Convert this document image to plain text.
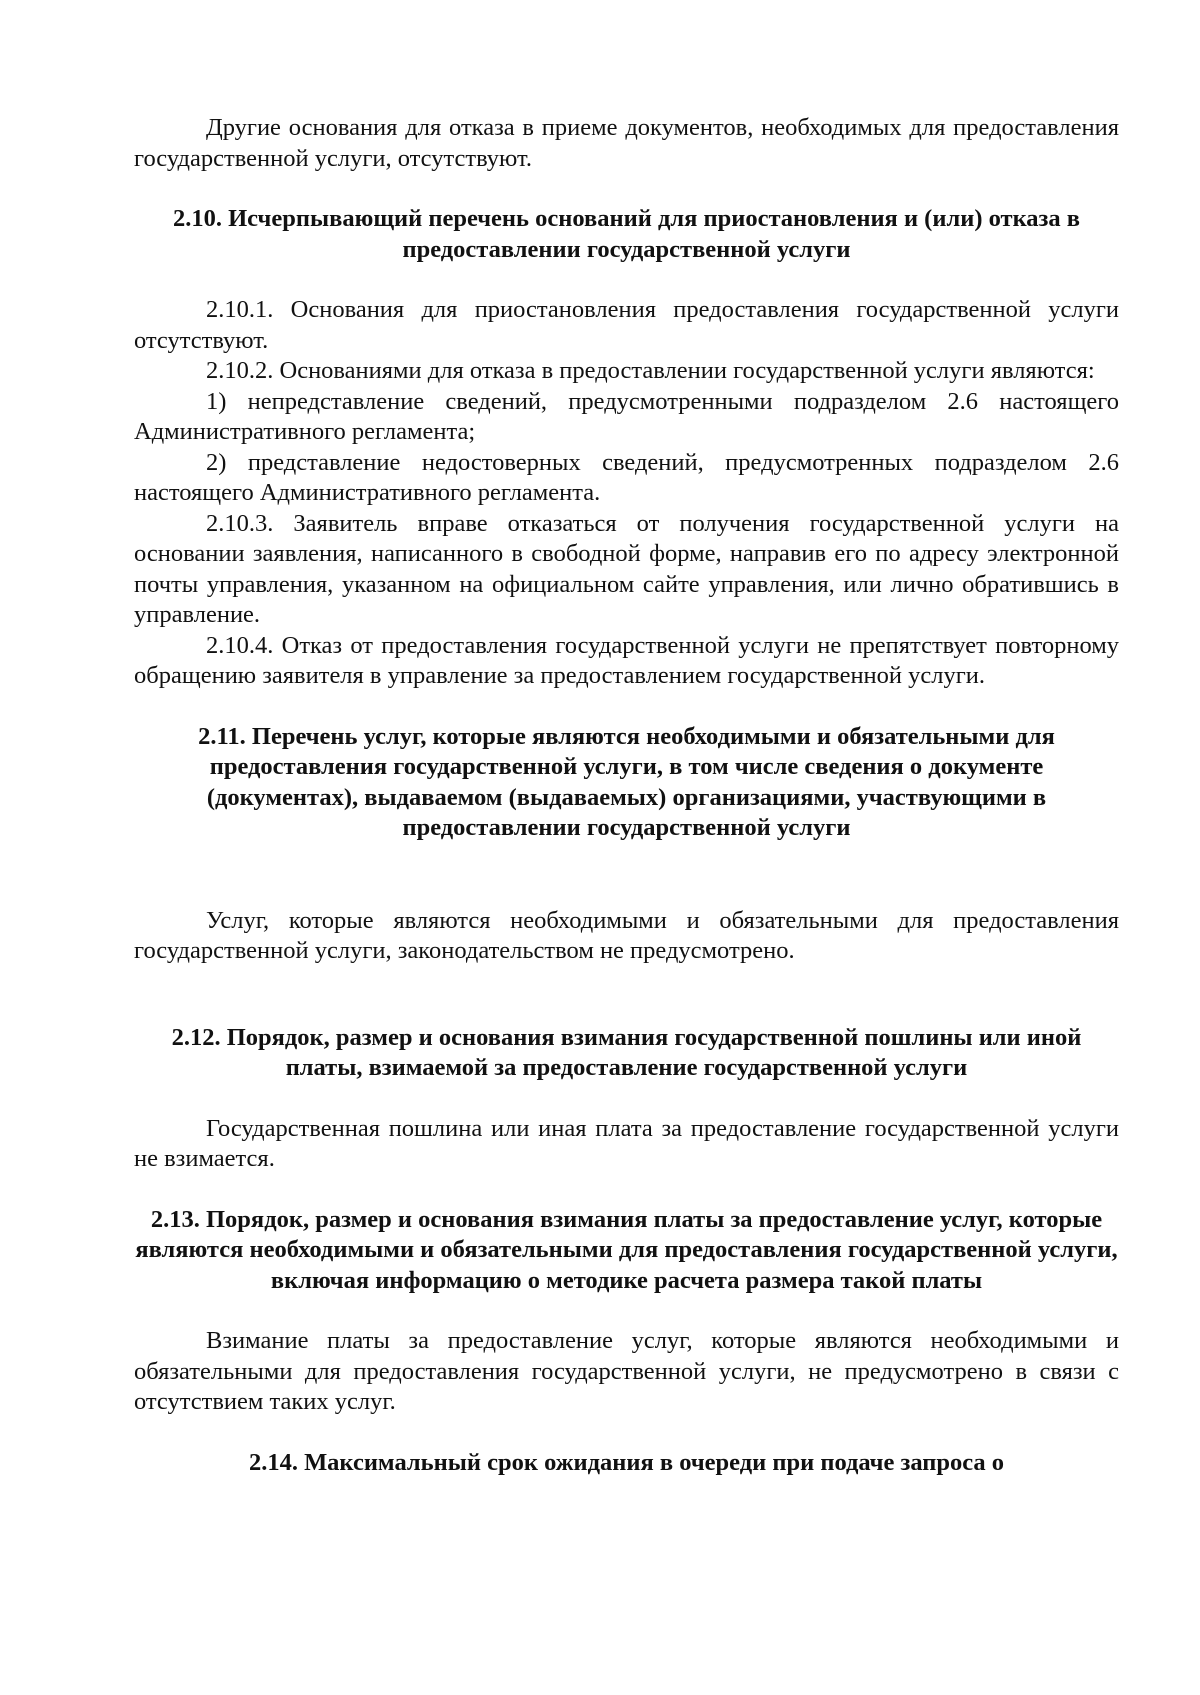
Другие основания для отказа в приеме документов, необходимых для предоставления государственной услуги, отсутствуют.

2.10. Исчерпывающий перечень оснований для приостановления и (или) отказа в предоставлении государственной услуги

2.10.1. Основания для приостановления предоставления государственной услуги отсутствуют.

2.10.2. Основаниями для отказа в предоставлении государственной услуги являются:

1) непредставление сведений, предусмотренными подразделом 2.6 настоящего Административного регламента;

2) представление недостоверных сведений, предусмотренных подразделом 2.6 настоящего Административного регламента.

2.10.3. Заявитель вправе отказаться от получения государственной услуги на основании заявления, написанного в свободной форме, направив его по адресу электронной почты управления, указанном на официальном сайте управления, или лично обратившись в управление.

2.10.4. Отказ от предоставления государственной услуги не препятствует повторному обращению заявителя в управление за предоставлением государственной услуги.

2.11. Перечень услуг, которые являются необходимыми и обязательными для предоставления государственной услуги, в том числе сведения о документе (документах), выдаваемом (выдаваемых) организациями, участвующими в предоставлении государственной услуги

Услуг, которые являются необходимыми и обязательными для предоставления государственной услуги, законодательством не предусмотрено.

2.12. Порядок, размер и основания взимания государственной пошлины или иной платы, взимаемой за предоставление государственной услуги

Государственная пошлина или иная плата за предоставление государственной услуги не взимается.

2.13. Порядок, размер и основания взимания платы за предоставление услуг, которые являются необходимыми и обязательными для предоставления государственной услуги, включая информацию о методике расчета размера такой платы

Взимание платы за предоставление услуг, которые являются необходимыми и обязательными для предоставления государственной услуги, не предусмотрено в связи с отсутствием таких услуг.

2.14. Максимальный срок ожидания в очереди при подаче запроса о
